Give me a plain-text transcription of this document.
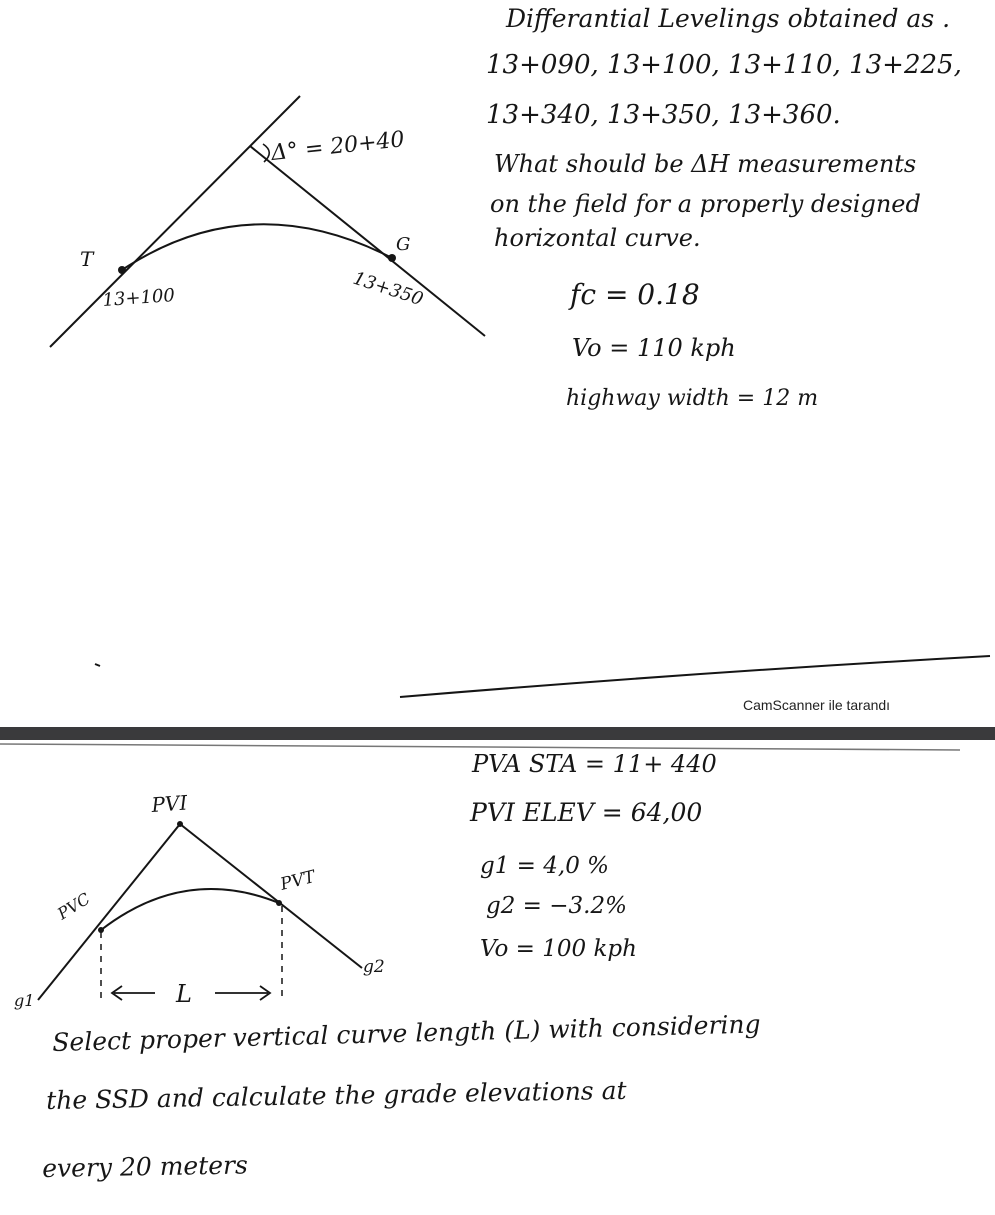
Δ° = 20+40
T
G
13+100	13+350
Differantial Levelings obtained as .
13+090, 13+100, 13+110, 13+225,
13+340, 13+350, 13+360.
What should be ΔH measurements
on the field for a properly designed
horizontal curve.
fc = 0.18
Vo = 110 kph
highway width = 12 m
CamScanner ile tarandı
L
PVI
PVC
PVT
g1
g2
PVA STA = 11+ 440
PVI ELEV = 64,00
g1 = 4,0 %
g2 = −3.2%
Vo = 100 kph
Select proper vertical curve length (L) with considering
the SSD and calculate the grade elevations at
every 20 meters
